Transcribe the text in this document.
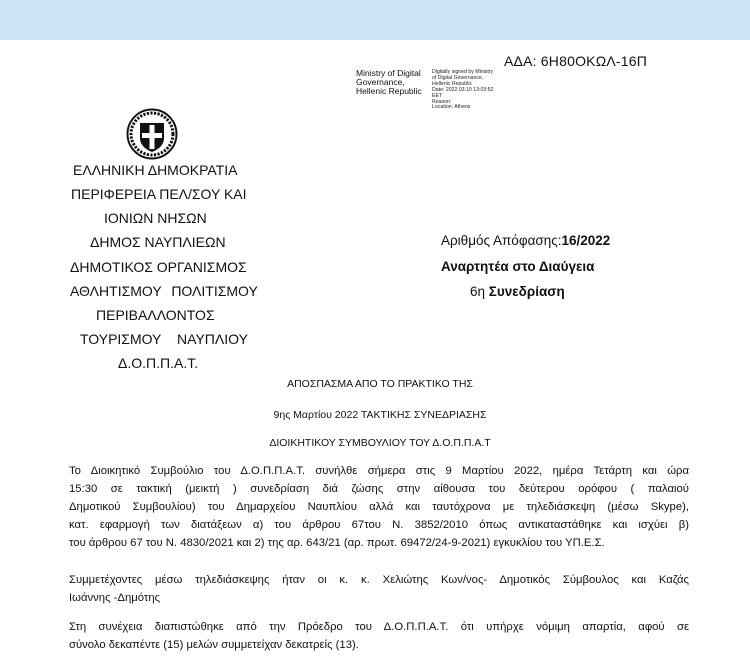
ΑΔΑ: 6Η80ΟΚΩΛ-16Π
Ministry of Digital Governance, Hellenic Republic
Digitally signed by Ministry
of Digital Governance,
Hellenic Republic
Date: 2022.03.10 13:03:52
EET
Reason:
Location: Athens
ΕΛΛΗΝΙΚΗ ΔΗΜΟΚΡΑΤΙΑ
ΠΕΡΙΦΕΡΕΙΑ ΠΕΛ/ΣΟΥ ΚΑΙ
ΙΟΝΙΩΝ ΝΗΣΩΝ
ΔΗΜΟΣ ΝΑΥΠΛΙΕΩΝ
ΔΗΜΟΤΙΚΟΣ ΟΡΓΑΝΙΣΜΟΣ
ΑΘΛΗΤΙΣΜΟΥ ΠΟΛΙΤΙΣΜΟΥ
ΠΕΡΙΒΑΛΛΟΝΤΟΣ
ΤΟΥΡΙΣΜΟΥ ΝΑΥΠΛΙΟΥ
Δ.Ο.Π.Π.Α.Τ.
Αριθμός Απόφασης:16/2022
Αναρτητέα στο Διαύγεια
6η Συνεδρίαση
ΑΠΟΣΠΑΣΜΑ ΑΠΟ ΤΟ ΠΡΑΚΤΙΚΟ ΤΗΣ
9ης Μαρτίου 2022 ΤΑΚΤΙΚΗΣ ΣΥΝΕΔΡΙΑΣΗΣ
ΔΙΟΙΚΗΤΙΚΟΥ ΣΥΜΒΟΥΛΙΟΥ ΤΟΥ Δ.Ο.Π.Π.Α.Τ
Το Διοικητικό Συμβούλιο του Δ.Ο.Π.Π.Α.Τ. συνήλθε σήμερα στις 9 Μαρτίου 2022, ημέρα Τετάρτη και ώρα
15:30 σε τακτική (μεικτή ) συνεδρίαση διά ζώσης στην αίθουσα του δεύτερου ορόφου ( παλαιού
Δημοτικού Συμβουλίου) του Δημαρχείου Ναυπλίου αλλά και ταυτόχρονα με τηλεδιάσκεψη (μέσω Skype),
κατ. εφαρμογή των διατάξεων α) του άρθρου 67του Ν. 3852/2010 όπως αντικαταστάθηκε και ισχύει β)
του άρθρου 67 του Ν. 4830/2021 και 2) της αρ. 643/21 (αρ. πρωτ. 69472/24-9-2021) εγκυκλίου του ΥΠ.Ε.Σ.
Συμμετέχοντες μέσω τηλεδιάσκεψης ήταν οι κ. κ. Χελιώτης Κων/νος- Δημοτικός Σύμβουλος και Καζάς
Ιωάννης -Δημότης
Στη συνέχεια διαπιστώθηκε από την Πρόεδρο του Δ.Ο.Π.Π.Α.Τ. ότι υπήρχε νόμιμη απαρτία, αφού σε
σύνολο δεκαπέντε (15) μελών συμμετείχαν δεκατρείς (13).
